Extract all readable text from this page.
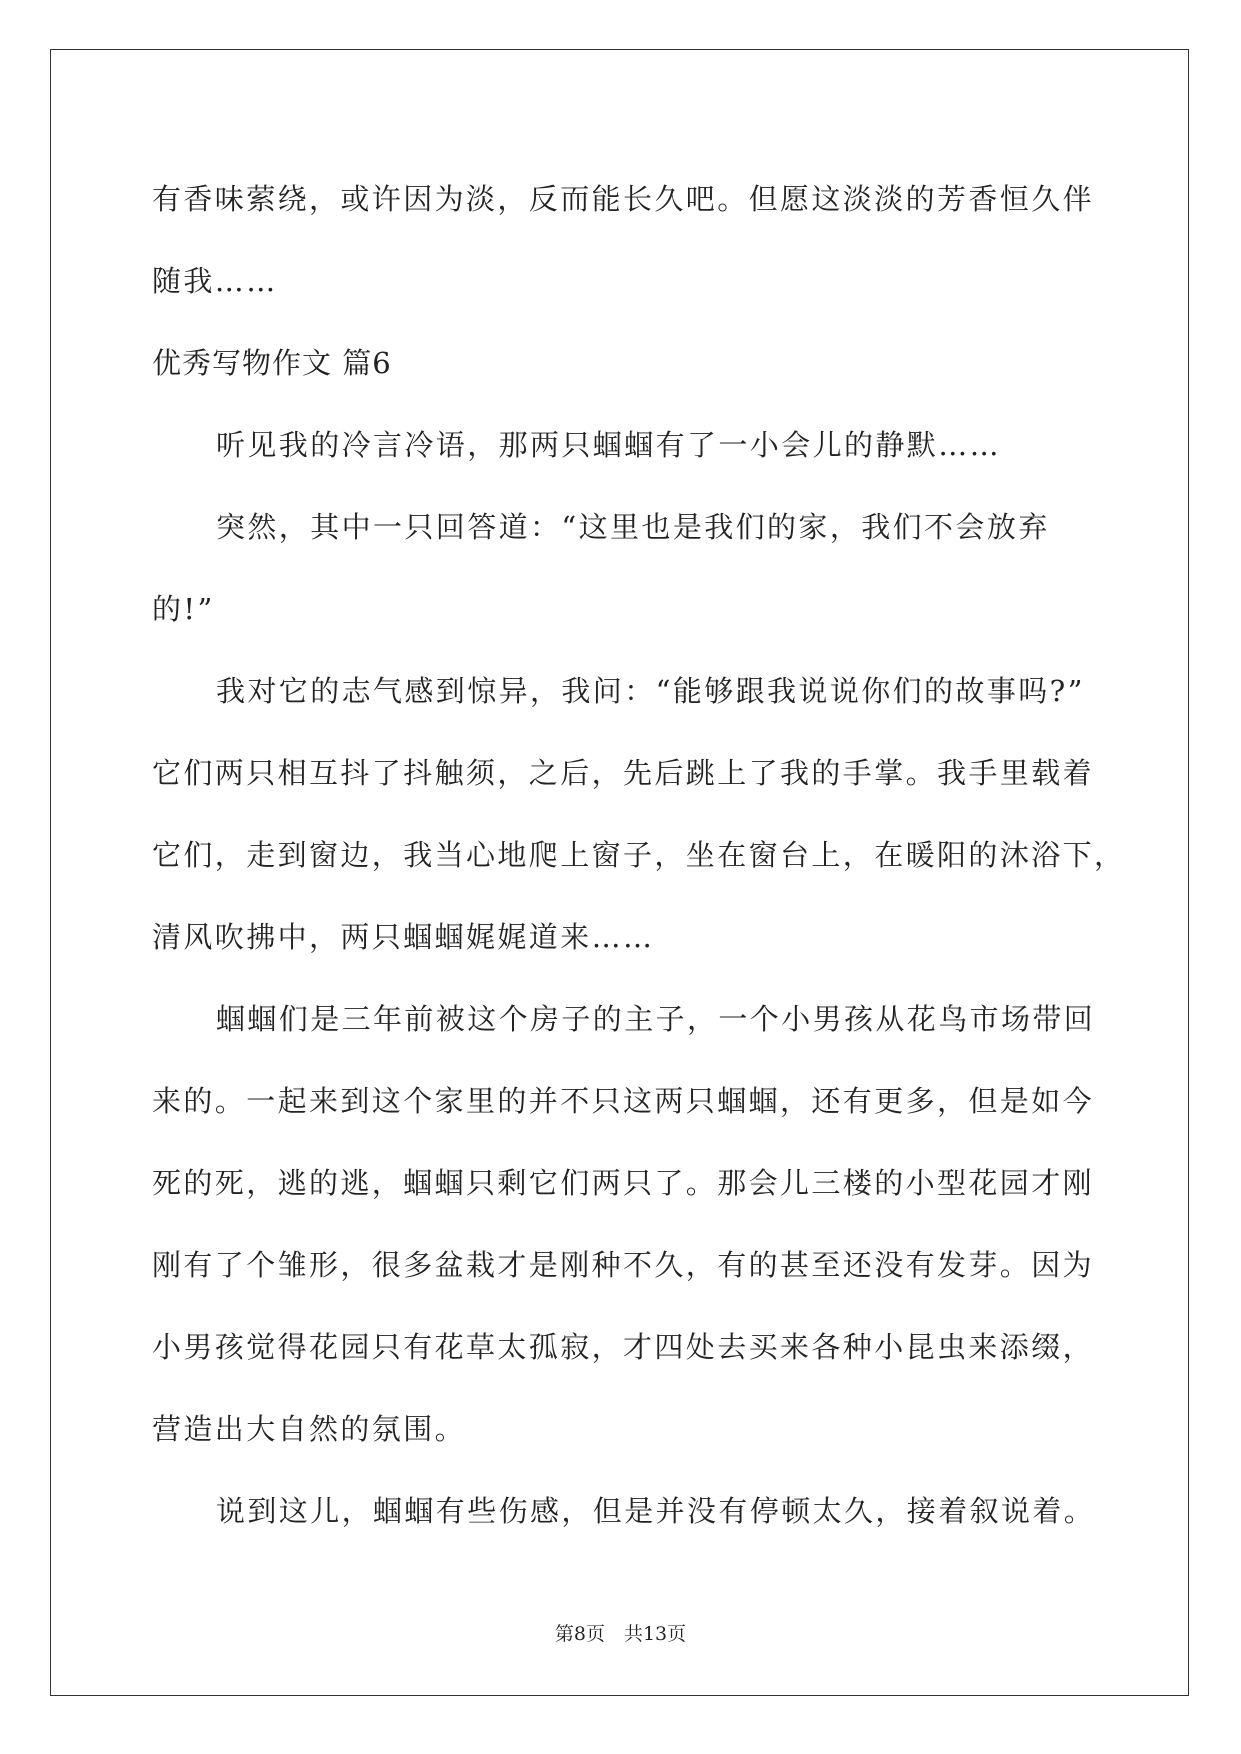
有香味萦绕，或许因为淡，反而能长久吧。但愿这淡淡的芳香恒久伴
随我……
优秀写物作文 篇6
听见我的冷言冷语，那两只蝈蝈有了一小会儿的静默……
突然，其中一只回答道：“这里也是我们的家，我们不会放弃
的!”
我对它的志气感到惊异，我问：“能够跟我说说你们的故事吗?”
它们两只相互抖了抖触须，之后，先后跳上了我的手掌。我手里载着
它们，走到窗边，我当心地爬上窗子，坐在窗台上，在暖阳的沐浴下，
清风吹拂中，两只蝈蝈娓娓道来……
蝈蝈们是三年前被这个房子的主子，一个小男孩从花鸟市场带回
来的。一起来到这个家里的并不只这两只蝈蝈，还有更多，但是如今
死的死，逃的逃，蝈蝈只剩它们两只了。那会儿三楼的小型花园才刚
刚有了个雏形，很多盆栽才是刚种不久，有的甚至还没有发芽。因为
小男孩觉得花园只有花草太孤寂，才四处去买来各种小昆虫来添缀，
营造出大自然的氛围。
说到这儿，蝈蝈有些伤感，但是并没有停顿太久，接着叙说着。
第8页　共13页
